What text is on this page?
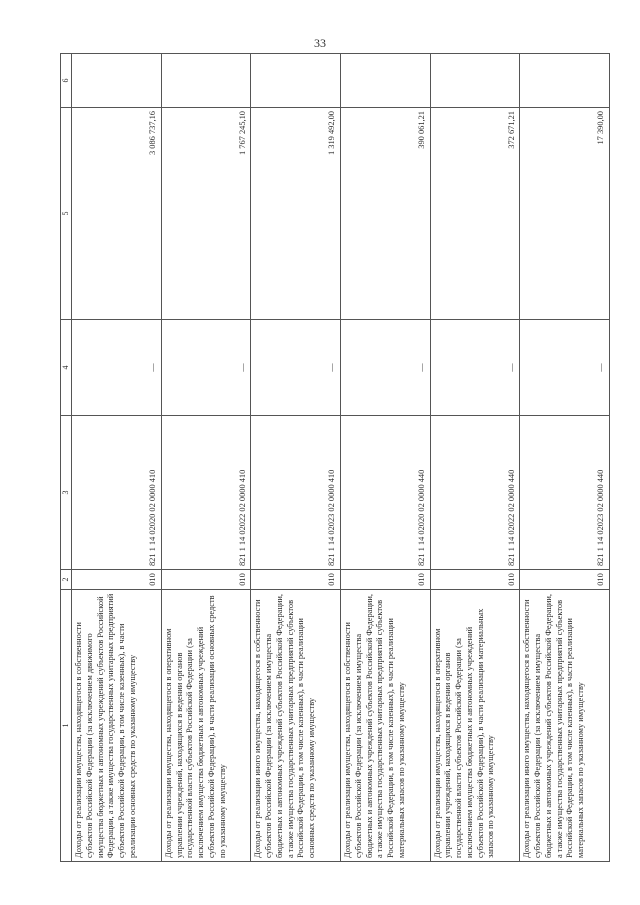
33
1	2	3	4	5	6
Доходы от реализации имущества, находящегося в собственности субъектов Российской Федерации (за исключением движимого имущества бюджетных и автономных учреждений субъектов Российской Федерации, а также имущества государственных унитарных предприятий субъектов Российской Федерации, в том числе казенных), в части реализации основных средств по указанному имуществу	010	821 1 14 02020 02 0000 410	—	3 086 737,16	
Доходы от реализации имущества, находящегося в оперативном управлении учреждений, находящихся в ведении органов государственной власти субъектов Российской Федерации (за исключением имущества бюджетных и автономных учреждений субъектов Российской Федерации), в части реализации основных средств по указанному имуществу	010	821 1 14 02022 02 0000 410	—	1 767 245,10	
Доходы от реализации иного имущества, находящегося в собственности субъектов Российской Федерации (за исключением имущества бюджетных и автономных учреждений субъектов Российской Федерации, а также имущества государственных унитарных предприятий субъектов Российской Федерации, в том числе казенных), в части реализации основных средств по указанному имуществу	010	821 1 14 02023 02 0000 410	—	1 319 492,00	
Доходы от реализации имущества, находящегося в собственности субъектов Российской Федерации (за исключением имущества бюджетных и автономных учреждений субъектов Российской Федерации, а также имущества государственных унитарных предприятий субъектов Российской Федерации, в том числе казенных), в части реализации материальных запасов по указанному имуществу	010	821 1 14 02020 02 0000 440	—	390 061,21	
Доходы от реализации имущества, находящегося в оперативном управлении учреждений, находящихся в ведении органов государственной власти субъектов Российской Федерации (за исключением имущества бюджетных и автономных учреждений субъектов Российской Федерации), в части реализации материальных запасов по указанному имуществу	010	821 1 14 02022 02 0000 440	—	372 671,21	
Доходы от реализации иного имущества, находящегося в собственности субъектов Российской Федерации (за исключением имущества бюджетных и автономных учреждений субъектов Российской Федерации, а также имущества государственных унитарных предприятий субъектов Российской Федерации, в том числе казенных), в части реализации материальных запасов по указанному имуществу	010	821 1 14 02023 02 0000 440	—	17 390,00	
